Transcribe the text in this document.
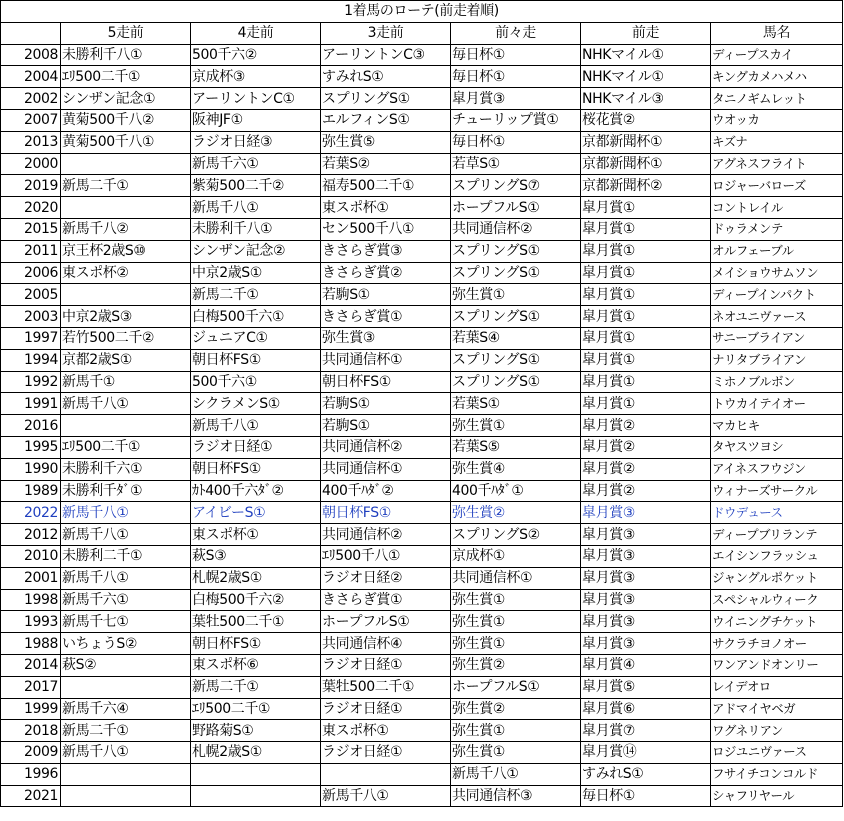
1着馬のローテ(前走着順)						
	5走前	4走前	3走前	前々走	前走	馬名
2008	未勝利千八①	500千六②	アーリントンC③	毎日杯①	NHKマイル①	ディープスカイ
2004	ｴﾘ500二千①	京成杯③	すみれS①	毎日杯①	NHKマイル①	キングカメハメハ
2002	シンザン記念①	アーリントンC①	スプリングS①	皐月賞③	NHKマイル③	タニノギムレット
2007	黄菊500千八②	阪神JF①	エルフィンS①	チューリップ賞①	桜花賞②	ウオッカ
2013	黄菊500千八①	ラジオ日経③	弥生賞⑤	毎日杯①	京都新聞杯①	キズナ
2000		新馬千六①	若葉S②	若草S①	京都新聞杯①	アグネスフライト
2019	新馬二千①	紫菊500二千②	福寿500二千①	スプリングS⑦	京都新聞杯②	ロジャーバローズ
2020		新馬千八①	東スポ杯①	ホープフルS①	皐月賞①	コントレイル
2015	新馬千八②	未勝利千八①	セン500千八①	共同通信杯②	皐月賞①	ドゥラメンテ
2011	京王杯2歳S⑩	シンザン記念②	きさらぎ賞③	スプリングS①	皐月賞①	オルフェーブル
2006	東スポ杯②	中京2歳S①	きさらぎ賞②	スプリングS①	皐月賞①	メイショウサムソン
2005		新馬二千①	若駒S①	弥生賞①	皐月賞①	ディープインパクト
2003	中京2歳S③	白梅500千六①	きさらぎ賞①	スプリングS①	皐月賞①	ネオユニヴァース
1997	若竹500二千②	ジュニアC①	弥生賞③	若葉S④	皐月賞①	サニーブライアン
1994	京都2歳S①	朝日杯FS①	共同通信杯①	スプリングS①	皐月賞①	ナリタブライアン
1992	新馬千①	500千六①	朝日杯FS①	スプリングS①	皐月賞①	ミホノブルボン
1991	新馬千八①	シクラメンS①	若駒S①	若葉S①	皐月賞①	トウカイテイオー
2016		新馬千八①	若駒S①	弥生賞①	皐月賞②	マカヒキ
1995	ｴﾘ500二千①	ラジオ日経①	共同通信杯②	若葉S⑤	皐月賞②	タヤスツヨシ
1990	未勝利千六①	朝日杯FS①	共同通信杯①	弥生賞④	皐月賞②	アイネスフウジン
1989	未勝利千ﾀﾞ①	ｶﾄ400千六ﾀﾞ②	400千ﾊﾀﾞ②	400千ﾊﾀﾞ①	皐月賞②	ウィナーズサークル
2022	新馬千八①	アイビーS①	朝日杯FS①	弥生賞②	皐月賞③	ドウデュース
2012	新馬千八①	東スポ杯①	共同通信杯②	スプリングS②	皐月賞③	ディープブリランテ
2010	未勝利二千①	萩S③	ｴﾘ500千八①	京成杯①	皐月賞③	エイシンフラッシュ
2001	新馬千八①	札幌2歳S①	ラジオ日経②	共同通信杯①	皐月賞③	ジャングルポケット
1998	新馬千六①	白梅500千六②	きさらぎ賞①	弥生賞①	皐月賞③	スペシャルウィーク
1993	新馬千七①	葉牡500二千①	ホープフルS①	弥生賞①	皐月賞③	ウイニングチケット
1988	いちょうS②	朝日杯FS①	共同通信杯④	弥生賞①	皐月賞③	サクラチヨノオー
2014	萩S②	東スポ杯⑥	ラジオ日経①	弥生賞②	皐月賞④	ワンアンドオンリー
2017		新馬二千①	葉牡500二千①	ホープフルS①	皐月賞⑤	レイデオロ
1999	新馬千六④	ｴﾘ500二千①	ラジオ日経①	弥生賞②	皐月賞⑥	アドマイヤベガ
2018	新馬二千①	野路菊S①	東スポ杯①	弥生賞①	皐月賞⑦	ワグネリアン
2009	新馬千八①	札幌2歳S①	ラジオ日経①	弥生賞①	皐月賞⑭	ロジユニヴァース
1996				新馬千八①	すみれS①	フサイチコンコルド
2021			新馬千八①	共同通信杯③	毎日杯①	シャフリヤール
